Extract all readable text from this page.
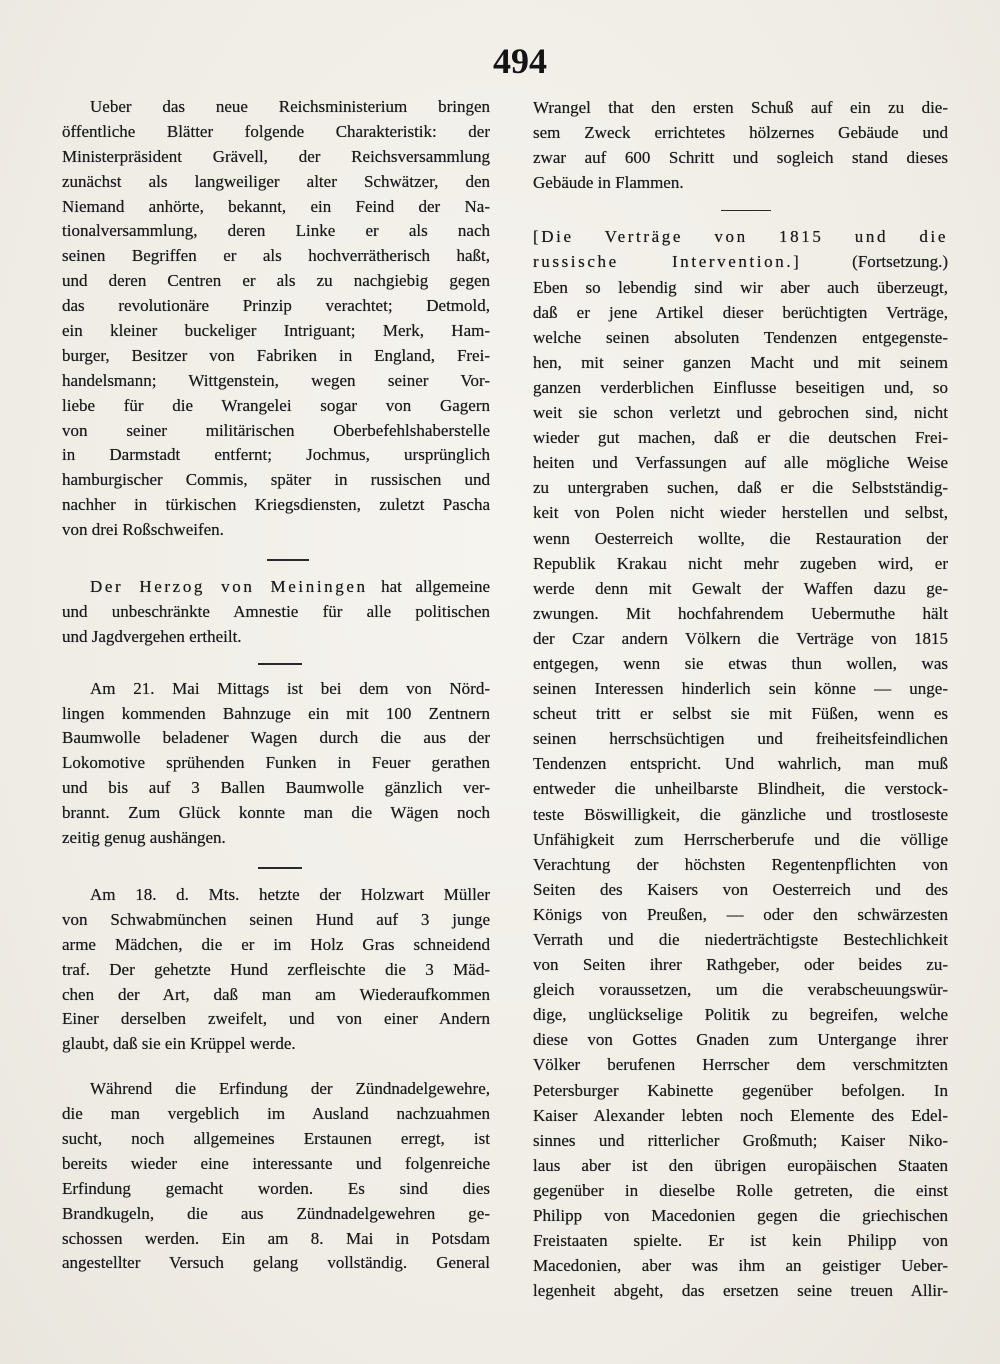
494
Ueber das neue Reichsministerium bringen
öffentliche Blätter folgende Charakteristik: der
Ministerpräsident Grävell, der Reichsversammlung
zunächst als langweiliger alter Schwätzer, den
Niemand anhörte, bekannt, ein Feind der Na-
tionalversammlung, deren Linke er als nach
seinen Begriffen er als hochverrätherisch haßt,
und deren Centren er als zu nachgiebig gegen
das revolutionäre Prinzip verachtet; Detmold,
ein kleiner buckeliger Intriguant; Merk, Ham-
burger, Besitzer von Fabriken in England, Frei-
handelsmann; Wittgenstein, wegen seiner Vor-
liebe für die Wrangelei sogar von Gagern
von seiner militärischen Oberbefehlshaberstelle
in Darmstadt entfernt; Jochmus, ursprünglich
hamburgischer Commis, später in russischen und
nachher in türkischen Kriegsdiensten, zuletzt Pascha
von drei Roßschweifen.
Der Herzog von Meiningen hat allgemeine
und unbeschränkte Amnestie für alle politischen
und Jagdvergehen ertheilt.
Am 21. Mai Mittags ist bei dem von Nörd-
lingen kommenden Bahnzuge ein mit 100 Zentnern
Baumwolle beladener Wagen durch die aus der
Lokomotive sprühenden Funken in Feuer gerathen
und bis auf 3 Ballen Baumwolle gänzlich ver-
brannt. Zum Glück konnte man die Wägen noch
zeitig genug aushängen.
Am 18. d. Mts. hetzte der Holzwart Müller
von Schwabmünchen seinen Hund auf 3 junge
arme Mädchen, die er im Holz Gras schneidend
traf. Der gehetzte Hund zerfleischte die 3 Mäd-
chen der Art, daß man am Wiederaufkommen
Einer derselben zweifelt, und von einer Andern
glaubt, daß sie ein Krüppel werde.
Während die Erfindung der Zündnadelgewehre,
die man vergeblich im Ausland nachzuahmen
sucht, noch allgemeines Erstaunen erregt, ist
bereits wieder eine interessante und folgenreiche
Erfindung gemacht worden. Es sind dies
Brandkugeln, die aus Zündnadelgewehren ge-
schossen werden. Ein am 8. Mai in Potsdam
angestellter Versuch gelang vollständig. General
Wrangel that den ersten Schuß auf ein zu die-
sem Zweck errichtetes hölzernes Gebäude und
zwar auf 600 Schritt und sogleich stand dieses
Gebäude in Flammen.
[Die Verträge von 1815 und die
russische Intervention.] (Fortsetzung.)
Eben so lebendig sind wir aber auch überzeugt,
daß er jene Artikel dieser berüchtigten Verträge,
welche seinen absoluten Tendenzen entgegenste-
hen, mit seiner ganzen Macht und mit seinem
ganzen verderblichen Einflusse beseitigen und, so
weit sie schon verletzt und gebrochen sind, nicht
wieder gut machen, daß er die deutschen Frei-
heiten und Verfassungen auf alle mögliche Weise
zu untergraben suchen, daß er die Selbstständig-
keit von Polen nicht wieder herstellen und selbst,
wenn Oesterreich wollte, die Restauration der
Republik Krakau nicht mehr zugeben wird, er
werde denn mit Gewalt der Waffen dazu ge-
zwungen. Mit hochfahrendem Uebermuthe hält
der Czar andern Völkern die Verträge von 1815
entgegen, wenn sie etwas thun wollen, was
seinen Interessen hinderlich sein könne — unge-
scheut tritt er selbst sie mit Füßen, wenn es
seinen herrschsüchtigen und freiheitsfeindlichen
Tendenzen entspricht. Und wahrlich, man muß
entweder die unheilbarste Blindheit, die verstock-
teste Böswilligkeit, die gänzliche und trostloseste
Unfähigkeit zum Herrscherberufe und die völlige
Verachtung der höchsten Regentenpflichten von
Seiten des Kaisers von Oesterreich und des
Königs von Preußen, — oder den schwärzesten
Verrath und die niederträchtigste Bestechlichkeit
von Seiten ihrer Rathgeber, oder beides zu-
gleich voraussetzen, um die verabscheuungswür-
dige, unglückselige Politik zu begreifen, welche
diese von Gottes Gnaden zum Untergange ihrer
Völker berufenen Herrscher dem verschmitzten
Petersburger Kabinette gegenüber befolgen. In
Kaiser Alexander lebten noch Elemente des Edel-
sinnes und ritterlicher Großmuth; Kaiser Niko-
laus aber ist den übrigen europäischen Staaten
gegenüber in dieselbe Rolle getreten, die einst
Philipp von Macedonien gegen die griechischen
Freistaaten spielte. Er ist kein Philipp von
Macedonien, aber was ihm an geistiger Ueber-
legenheit abgeht, das ersetzen seine treuen Allir-
